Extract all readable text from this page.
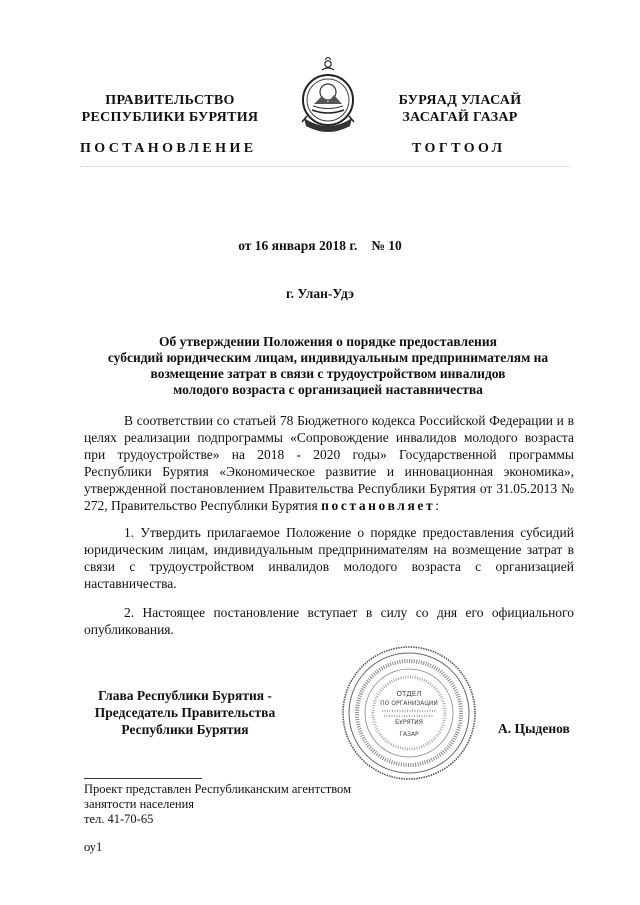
ПРАВИТЕЛЬСТВО
РЕСПУБЛИКИ БУРЯТИЯ
БУРЯАД УЛАСАЙ
ЗАСАГАЙ ГАЗАР
ПОСТАНОВЛЕНИЕ	ТОГТООЛ
от 16 января 2018 г. № 10
г. Улан-Удэ
Об утверждении Положения о порядке предоставления
субсидий юридическим лицам, индивидуальным предпринимателям на
возмещение затрат в связи с трудоустройством инвалидов
молодого возраста с организацией наставничества
В соответствии со статьей 78 Бюджетного кодекса Российской Федерации и в целях реализации подпрограммы «Сопровождение инвалидов молодого возраста при трудоустройстве» на 2018 - 2020 годы» Государственной программы Республики Бурятия «Экономическое развитие и инновационная экономика», утвержденной постановлением Правительства Республики Бурятия от 31.05.2013 № 272, Правительство Республики Бурятия постановляет:
1. Утвердить прилагаемое Положение о порядке предоставления субсидий юридическим лицам, индивидуальным предпринимателям на возмещение затрат в связи с трудоустройством инвалидов молодого возраста с организацией наставничества.
2. Настоящее постановление вступает в силу со дня его официального опубликования.
Глава Республики Бурятия -
Председатель Правительства
Республики Бурятия
ОТДЕЛ
ПО ОРГАНИЗАЦИИ
БУРЯТИЯ
ГАЗАР	А. Цыденов
Проект представлен Республиканским агентством
занятости населения
тел. 41-70-65
оу1
